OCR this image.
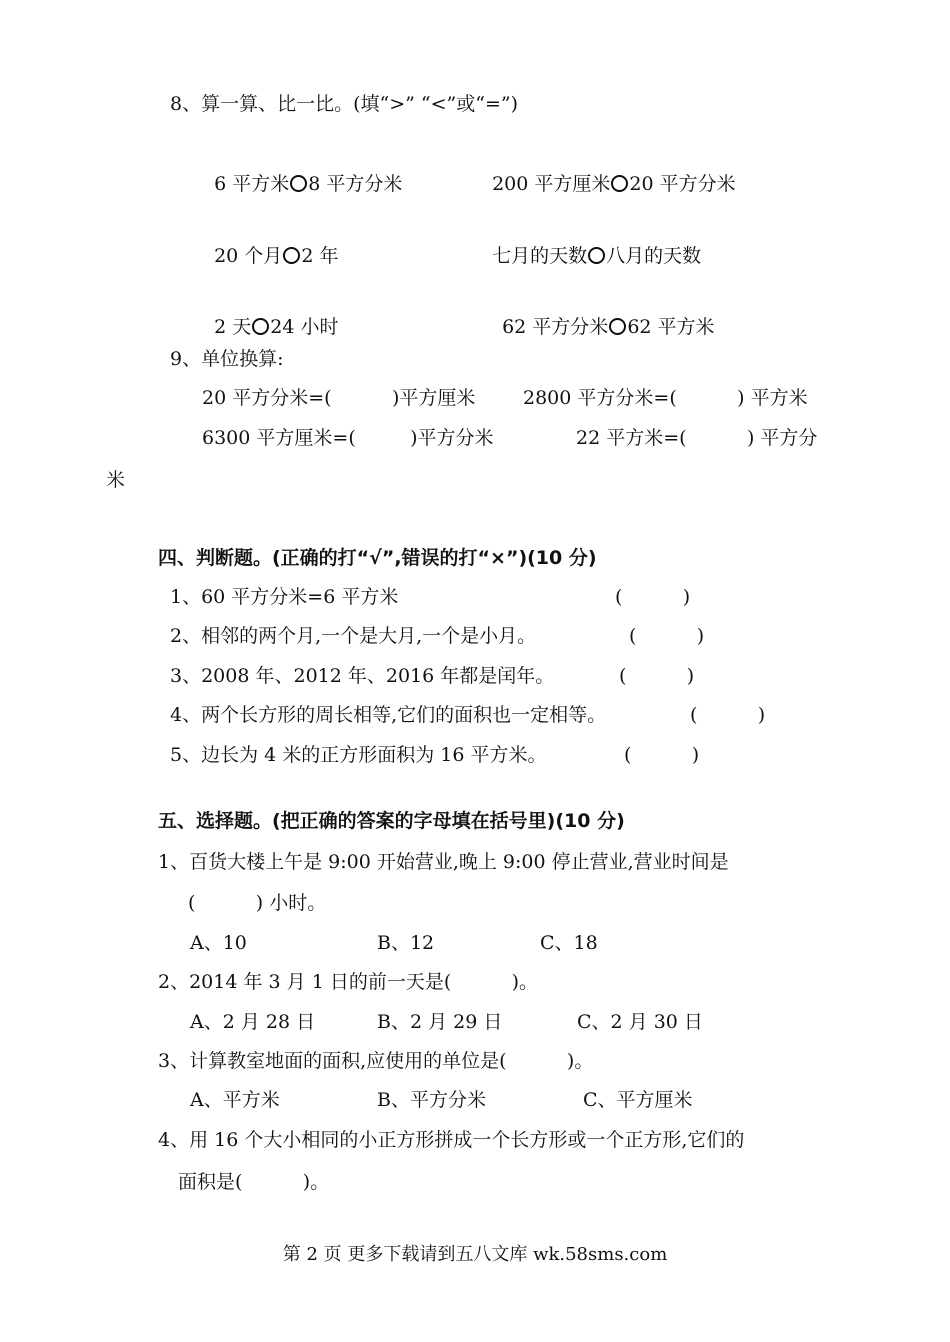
8、算一算、比一比。(填“>” “<”或“=”)

6 平方米 8 平方分米	200 平方厘米 20 平方分米

20 个月 2 年	七月的天数 八月的天数

2 天 24 小时	62 平方分米 62 平方米

9、单位换算:
20 平方分米=(          )平方厘米	2800 平方分米=(          ) 平方米
6300 平方厘米=(         )平方分米	22 平方米=(          ) 平方分
米
四、判断题。(正确的打“√”,错误的打“×”)(10 分)
1、60 平方分米=6 平方米	(          )
2、相邻的两个月,一个是大月,一个是小月。	(          )
3、2008 年、2012 年、2016 年都是闰年。	(          )
4、两个长方形的周长相等,它们的面积也一定相等。	(          )
5、边长为 4 米的正方形面积为 16 平方米。	(          )
五、选择题。(把正确的答案的字母填在括号里)(10 分)
1、百货大楼上午是 9:00 开始营业,晚上 9:00 停止营业,营业时间是
(          ) 小时。
A、10	B、12	C、18
2、2014 年 3 月 1 日的前一天是(          )。
A、2 月 28 日	B、2 月 29 日	C、2 月 30 日
3、计算教室地面的面积,应使用的单位是(          )。
A、平方米	B、平方分米	C、平方厘米
4、用 16 个大小相同的小正方形拼成一个长方形或一个正方形,它们的
面积是(          )。
第 2 页 更多下载请到五八文库 wk.58sms.com
